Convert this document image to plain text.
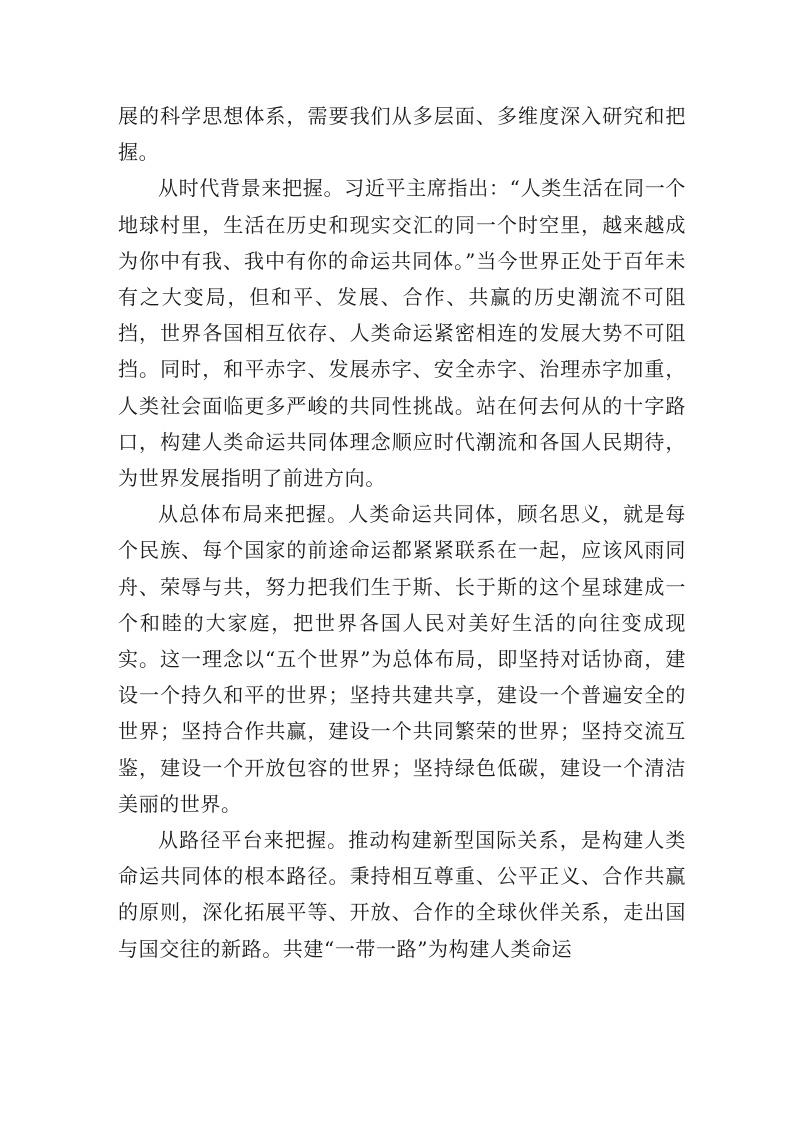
展的科学思想体系，需要我们从多层面、多维度深入研究和把握。

从时代背景来把握。习近平主席指出：“人类生活在同一个地球村里，生活在历史和现实交汇的同一个时空里，越来越成为你中有我、我中有你的命运共同体。”当今世界正处于百年未有之大变局，但和平、发展、合作、共赢的历史潮流不可阻挡，世界各国相互依存、人类命运紧密相连的发展大势不可阻挡。同时，和平赤字、发展赤字、安全赤字、治理赤字加重，人类社会面临更多严峻的共同性挑战。站在何去何从的十字路口，构建人类命运共同体理念顺应时代潮流和各国人民期待，为世界发展指明了前进方向。

从总体布局来把握。人类命运共同体，顾名思义，就是每个民族、每个国家的前途命运都紧紧联系在一起，应该风雨同舟、荣辱与共，努力把我们生于斯、长于斯的这个星球建成一个和睦的大家庭，把世界各国人民对美好生活的向往变成现实。这一理念以“五个世界”为总体布局，即坚持对话协商，建设一个持久和平的世界；坚持共建共享，建设一个普遍安全的世界；坚持合作共赢，建设一个共同繁荣的世界；坚持交流互鉴，建设一个开放包容的世界；坚持绿色低碳，建设一个清洁美丽的世界。

从路径平台来把握。推动构建新型国际关系，是构建人类命运共同体的根本路径。秉持相互尊重、公平正义、合作共赢的原则，深化拓展平等、开放、合作的全球伙伴关系，走出国与国交往的新路。共建“一带一路”为构建人类命运
